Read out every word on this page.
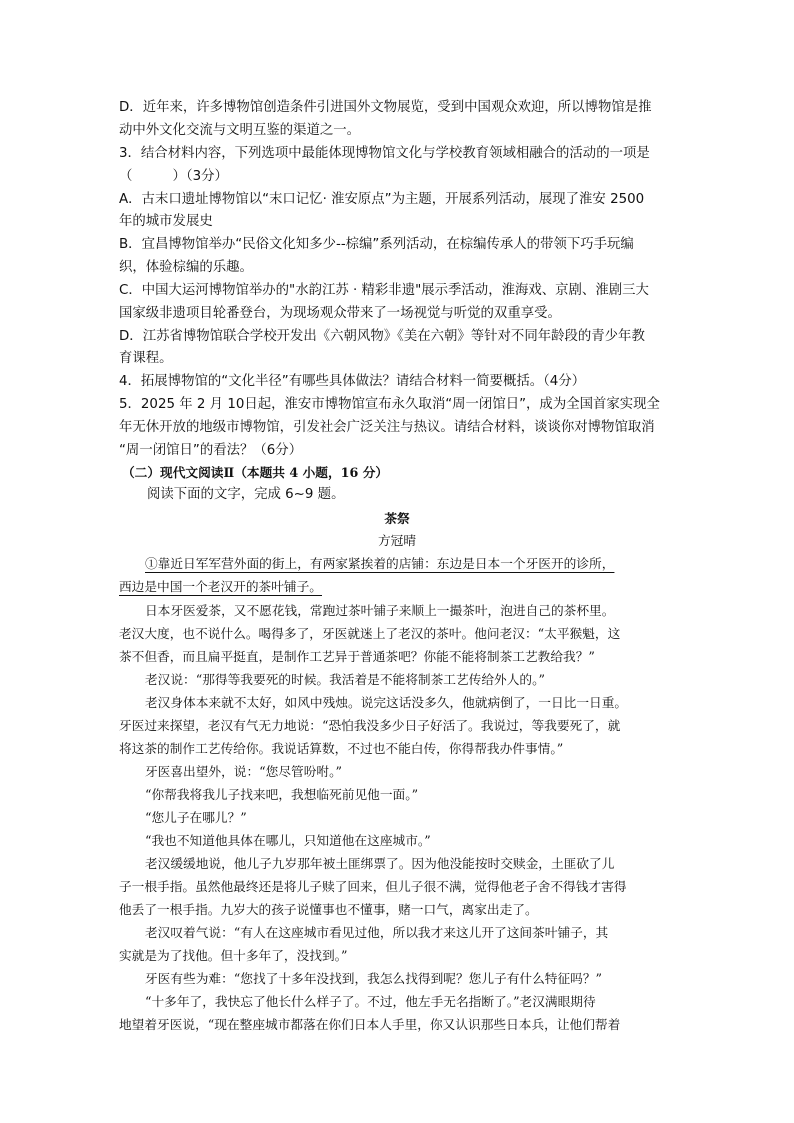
D．近年来，许多博物馆创造条件引进国外文物展览，受到中国观众欢迎，所以博物馆是推
动中外文化交流与文明互鉴的渠道之一。
3．结合材料内容，下列选项中最能体现博物馆文化与学校教育领域相融合的活动的一项是
（　　　）（3分）
A．古末口遗址博物馆以“末口记忆· 淮安原点”为主题，开展系列活动，展现了淮安 2500
年的城市发展史
B．宜昌博物馆举办“民俗文化知多少--棕编”系列活动，在棕编传承人的带领下巧手玩编
织，体验棕编的乐趣。
C．中国大运河博物馆举办的"水韵江苏 · 精彩非遗"展示季活动，淮海戏、京剧、淮剧三大
国家级非遗项目轮番登台，为现场观众带来了一场视觉与听觉的双重享受。
D．江苏省博物馆联合学校开发出《六朝风物》《美在六朝》等针对不同年龄段的青少年教
育课程。
4．拓展博物馆的“文化半径”有哪些具体做法？请结合材料一简要概括。（4分）
5．2025 年 2 月 10日起，淮安市博物馆宣布永久取消“周一闭馆日”，成为全国首家实现全
年无休开放的地级市博物馆，引发社会广泛关注与热议。请结合材料，谈谈你对博物馆取消
“周一闭馆日”的看法？（6分）
（二）现代文阅读Ⅱ（本题共 4 小题，16 分）
阅读下面的文字，完成 6~9 题。
茶祭
方冠晴
①靠近日军军营外面的街上，有两家紧挨着的店铺：东边是日本一个牙医开的诊所，
西边是中国一个老汉开的茶叶铺子。
日本牙医爱茶，又不愿花钱，常跑过茶叶铺子来顺上一撮茶叶，泡进自己的茶杯里。
老汉大度，也不说什么。喝得多了，牙医就迷上了老汉的茶叶。他问老汉：“太平猴魁，这
茶不但香，而且扁平挺直，是制作工艺异于普通茶吧？你能不能将制茶工艺教给我？”
老汉说：“那得等我要死的时候。我活着是不能将制茶工艺传给外人的。”
老汉身体本来就不太好，如风中残烛。说完这话没多久，他就病倒了，一日比一日重。
牙医过来探望，老汉有气无力地说：“恐怕我没多少日子好活了。我说过，等我要死了，就
将这茶的制作工艺传给你。我说话算数，不过也不能白传，你得帮我办件事情。”
牙医喜出望外，说：“您尽管吩咐。”
“你帮我将我儿子找来吧，我想临死前见他一面。”
“您儿子在哪儿？”
“我也不知道他具体在哪儿，只知道他在这座城市。”
老汉缓缓地说，他儿子九岁那年被土匪绑票了。因为他没能按时交赎金，土匪砍了儿
子一根手指。虽然他最终还是将儿子赎了回来，但儿子很不满，觉得他老子舍不得钱才害得
他丢了一根手指。九岁大的孩子说懂事也不懂事，赌一口气，离家出走了。
老汉叹着气说：“有人在这座城市看见过他，所以我才来这儿开了这间茶叶铺子，其
实就是为了找他。但十多年了，没找到。”
牙医有些为难：“您找了十多年没找到，我怎么找得到呢？您儿子有什么特征吗？”
“十多年了，我快忘了他长什么样子了。不过，他左手无名指断了。”老汉满眼期待
地望着牙医说，“现在整座城市都落在你们日本人手里，你又认识那些日本兵，让他们帮着
